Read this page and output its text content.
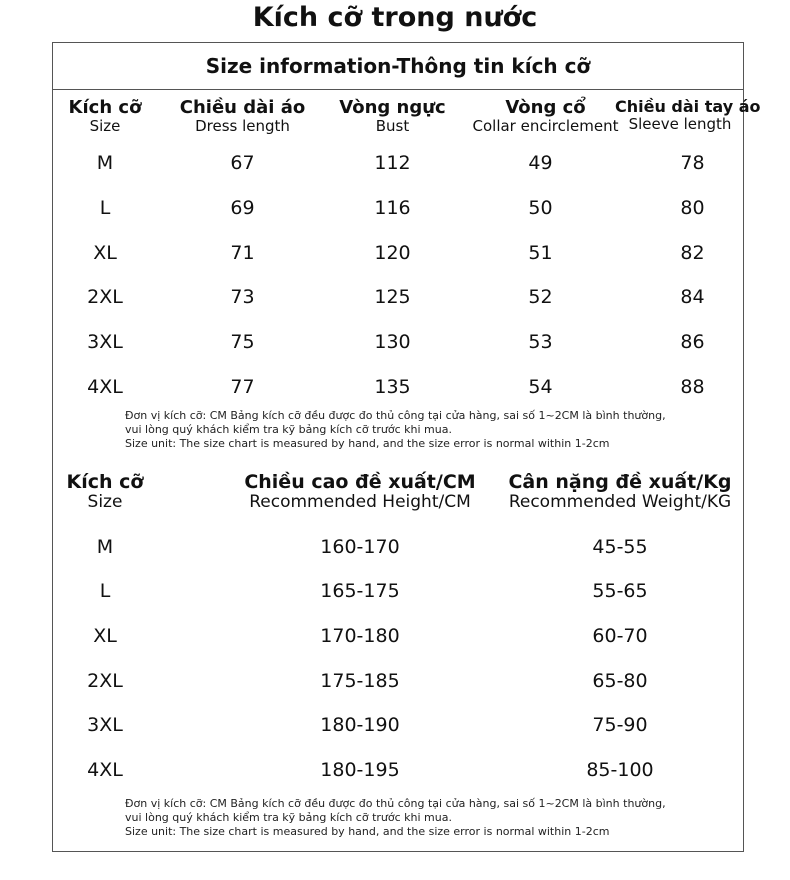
Kích cỡ trong nước
Size information-Thông tin kích cỡ
Kích cỡ
Size
Chiều dài áo
Dress length
Vòng ngực
Bust
Vòng cổ
Collar encirclement
Chiều dài tay áo
Sleeve length
M	67	112	49	78
L	69	116	50	80
XL	71	120	51	82
2XL	73	125	52	84
3XL	75	130	53	86
4XL	77	135	54	88
Đơn vị kích cỡ: CM Bảng kích cỡ đều được đo thủ công tại cửa hàng, sai số 1~2CM là bình thường,
vui lòng quý khách kiểm tra kỹ bảng kích cỡ trước khi mua.
Size unit: The size chart is measured by hand, and the size error is normal within 1-2cm
Kích cỡ
Size
Chiều cao đề xuất/CM
Recommended Height/CM
Cân nặng đề xuất/Kg
Recommended Weight/KG
M	160-170	45-55
L	165-175	55-65
XL	170-180	60-70
2XL	175-185	65-80
3XL	180-190	75-90
4XL	180-195	85-100
Đơn vị kích cỡ: CM Bảng kích cỡ đều được đo thủ công tại cửa hàng, sai số 1~2CM là bình thường,
vui lòng quý khách kiểm tra kỹ bảng kích cỡ trước khi mua.
Size unit: The size chart is measured by hand, and the size error is normal within 1-2cm
